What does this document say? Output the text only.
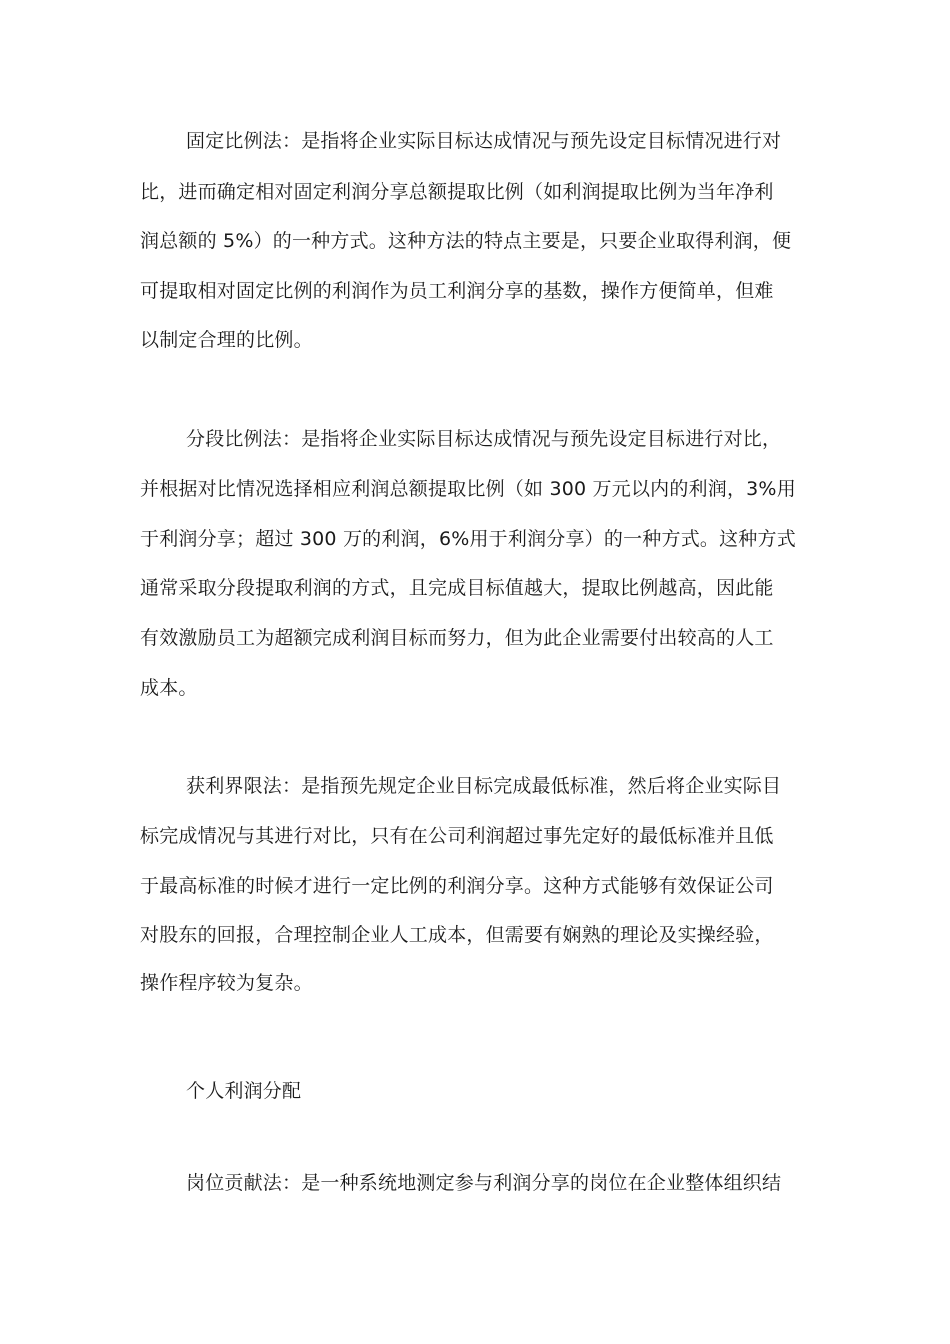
固定比例法：是指将企业实际目标达成情况与预先设定目标情况进行对
比，进而确定相对固定利润分享总额提取比例（如利润提取比例为当年净利
润总额的 5%）的一种方式。这种方法的特点主要是，只要企业取得利润，便
可提取相对固定比例的利润作为员工利润分享的基数，操作方便简单，但难
以制定合理的比例。
分段比例法：是指将企业实际目标达成情况与预先设定目标进行对比，
并根据对比情况选择相应利润总额提取比例（如 300 万元以内的利润，3%用
于利润分享；超过 300 万的利润，6%用于利润分享）的一种方式。这种方式
通常采取分段提取利润的方式，且完成目标值越大，提取比例越高，因此能
有效激励员工为超额完成利润目标而努力，但为此企业需要付出较高的人工
成本。
获利界限法：是指预先规定企业目标完成最低标准，然后将企业实际目
标完成情况与其进行对比，只有在公司利润超过事先定好的最低标准并且低
于最高标准的时候才进行一定比例的利润分享。这种方式能够有效保证公司
对股东的回报，合理控制企业人工成本，但需要有娴熟的理论及实操经验，
操作程序较为复杂。
个人利润分配
岗位贡献法：是一种系统地测定参与利润分享的岗位在企业整体组织结
